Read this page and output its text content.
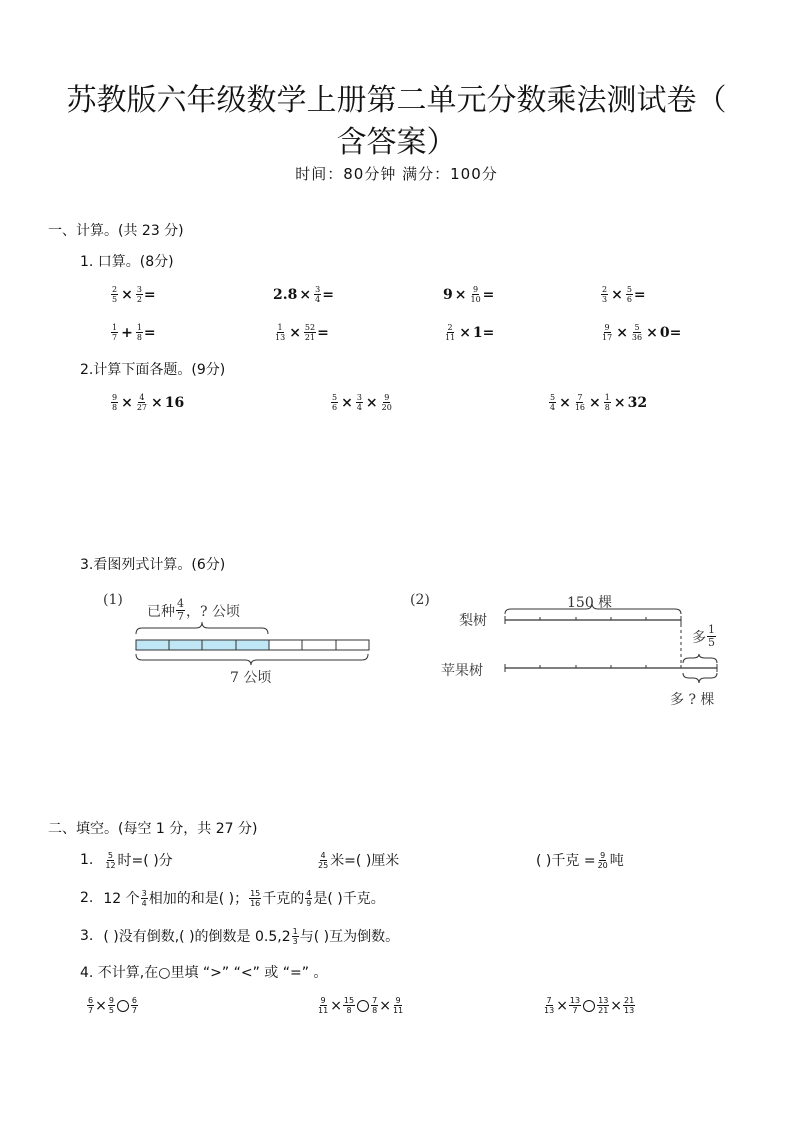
苏教版六年级数学上册第二单元分数乘法测试卷（
含答案）
时间：80分钟 满分：100分
一、计算。(共 23 分)
1. 口算。(8分)
$\frac{2}{5} \times \frac{3}{2}$ =	$2.8 \times \frac{3}{4}$ =	$9 \times \frac{9}{10}$ =	$\frac{2}{3} \times \frac{5}{6}$ =
$\frac{1}{7} + \frac{1}{8}$ =	$\frac{1}{13} \times \frac{52}{21}$ =	$\frac{2}{11} \times 1$ =	$\frac{9}{17} \times \frac{5}{36} \times 0$ =
2.计算下面各题。(9分)
$\frac{9}{8} \times \frac{4}{27} \times 16$	$\frac{5}{6} \times \frac{3}{4} \times \frac{9}{20}$	$\frac{5}{4} \times \frac{7}{16} \times \frac{1}{8} \times 32$
3.看图列式计算。(6分)
(1)
已种 $\frac{4}{7}$ ，? 公顷
7 公顷
(2)	150 棵
梨树
苹果树
多 $\frac{1}{5}$
多 ? 棵
二、填空。(每空 1 分，共 27 分)
1. $\frac{5}{12}$ 时=( )分	$\frac{4}{25}$ 米=( )厘米	( )千克 = $\frac{9}{20}$ 吨
2. 12 个 $\frac{3}{4}$ 相加的和是( )； $\frac{15}{16}$ 千克的 $\frac{4}{9}$ 是( )千克。
3. ( )没有倒数,( )的倒数是 $0.5,2 \frac{1}{3}$ 与( )互为倒数。
4. 不计算,在○里填 “>” “<” 或 “=” 。
$\frac{6}{7} \times \frac{9}{5} \frac{6}{7}$	$\frac{9}{11} \times \frac{15}{8} \frac{7}{8} \times \frac{9}{11}$	$\frac{7}{13} \times \frac{13}{7} \frac{13}{21} \times \frac{21}{13}$
